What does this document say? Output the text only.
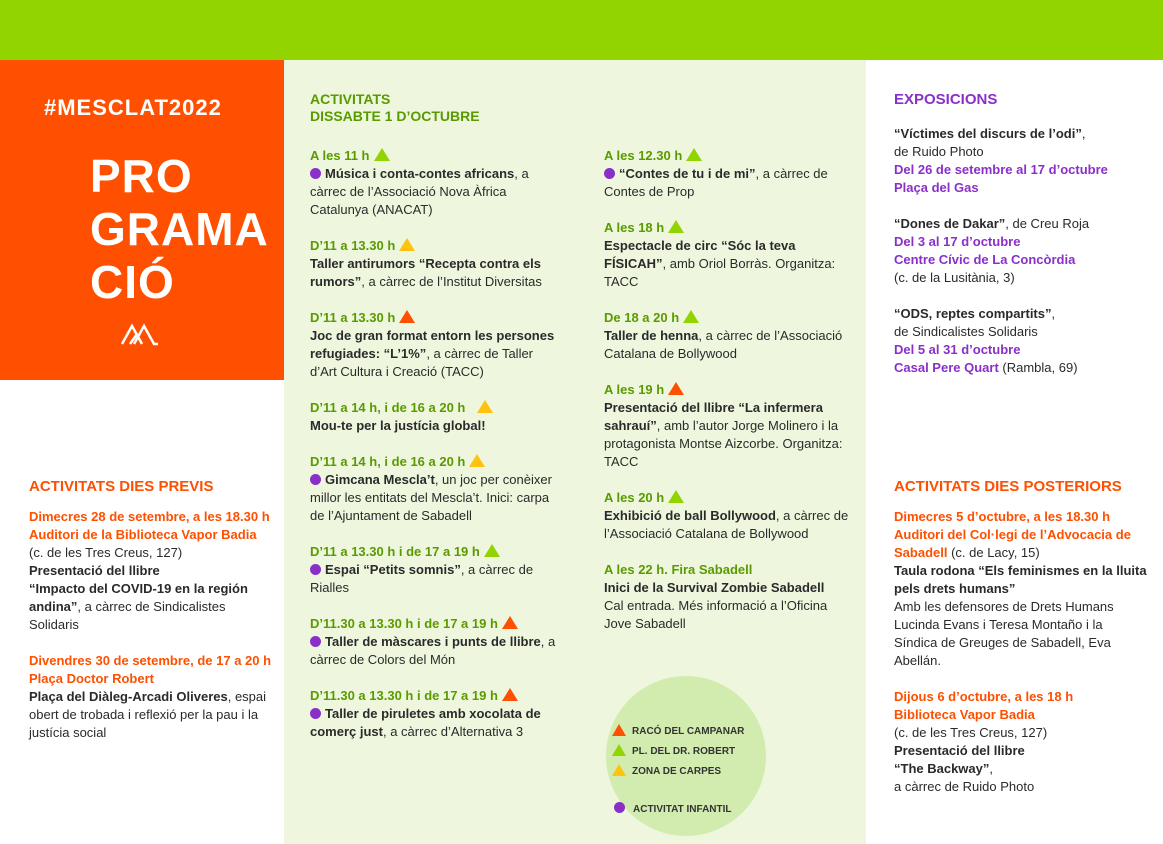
#MESCLAT2022
PRO
GRAMA
CIÓ
ACTIVITATS DIES PREVIS
Dimecres 28 de setembre, a les 18.30 h
Auditori de la Biblioteca Vapor Badia
(c. de les Tres Creus, 127)
Presentació del llibre
“Impacto del COVID-19 en la región andina”, a càrrec de Sindicalistes Solidaris
Divendres 30 de setembre, de 17 a 20 h
Plaça Doctor Robert
Plaça del Diàleg-Arcadi Oliveres, espai obert de trobada i reflexió per la pau i la justícia social
ACTIVITATS
DISSABTE 1 D’OCTUBRE
A les 11 h
Música i conta-contes africans, a càrrec de l’Associació Nova Àfrica Catalunya (ANACAT)
D’11 a 13.30 h
Taller antirumors “Recepta contra els rumors”, a càrrec de l’Institut Diversitas
D’11 a 13.30 h
Joc de gran format entorn les persones refugiades: “L’1%”, a càrrec de Taller d’Art Cultura i Creació (TACC)
D’11 a 14 h, i de 16 a 20 h
Mou-te per la justícia global!
D’11 a 14 h, i de 16 a 20 h
Gimcana Mescla’t, un joc per conèixer millor les entitats del Mescla’t. Inici: carpa de l’Ajuntament de Sabadell
D’11 a 13.30 h i de 17 a 19 h
Espai “Petits somnis”, a càrrec de Rialles
D’11.30 a 13.30 h i de 17 a 19 h
Taller de màscares i punts de llibre, a càrrec de Colors del Món
D’11.30 a 13.30 h i de 17 a 19 h
Taller de piruletes amb xocolata de comerç just, a càrrec d’Alternativa 3
A les 12.30 h
“Contes de tu i de mi”, a càrrec de Contes de Prop
A les 18 h
Espectacle de circ “Sóc la teva FÍSICAH”, amb Oriol Borràs. Organitza: TACC
De 18 a 20 h
Taller de henna, a càrrec de l’Associació Catalana de Bollywood
A les 19 h
Presentació del llibre “La infermera sahrauí”, amb l’autor Jorge Molinero i la protagonista Montse Aizcorbe. Organitza: TACC
A les 20 h
Exhibició de ball Bollywood, a càrrec de l’Associació Catalana de Bollywood
A les 22 h. Fira Sabadell
Inici de la Survival Zombie Sabadell
Cal entrada. Més informació a l’Oficina Jove Sabadell
RACÓ DEL CAMPANAR
PL. DEL DR. ROBERT
ZONA DE CARPES
ACTIVITAT INFANTIL
EXPOSICIONS
“Víctimes del discurs de l’odi”,
de Ruido Photo
Del 26 de setembre al 17 d’octubre
Plaça del Gas
“Dones de Dakar”, de Creu Roja
Del 3 al 17 d’octubre
Centre Cívic de La Concòrdia
(c. de la Lusitània, 3)
“ODS, reptes compartits”,
de Sindicalistes Solidaris
Del 5 al 31 d’octubre
Casal Pere Quart (Rambla, 69)
ACTIVITATS DIES POSTERIORS
Dimecres 5 d’octubre, a les 18.30 h
Auditori del Col·legi de l’Advocacia de Sabadell (c. de Lacy, 15)
Taula rodona “Els feminismes en la lluita pels drets humans”
Amb les defensores de Drets Humans Lucinda Evans i Teresa Montaño i la Síndica de Greuges de Sabadell, Eva Abellán.
Dijous 6 d’octubre, a les 18 h
Biblioteca Vapor Badia
(c. de les Tres Creus, 127)
Presentació del llibre
“The Backway”,
a càrrec de Ruido Photo
